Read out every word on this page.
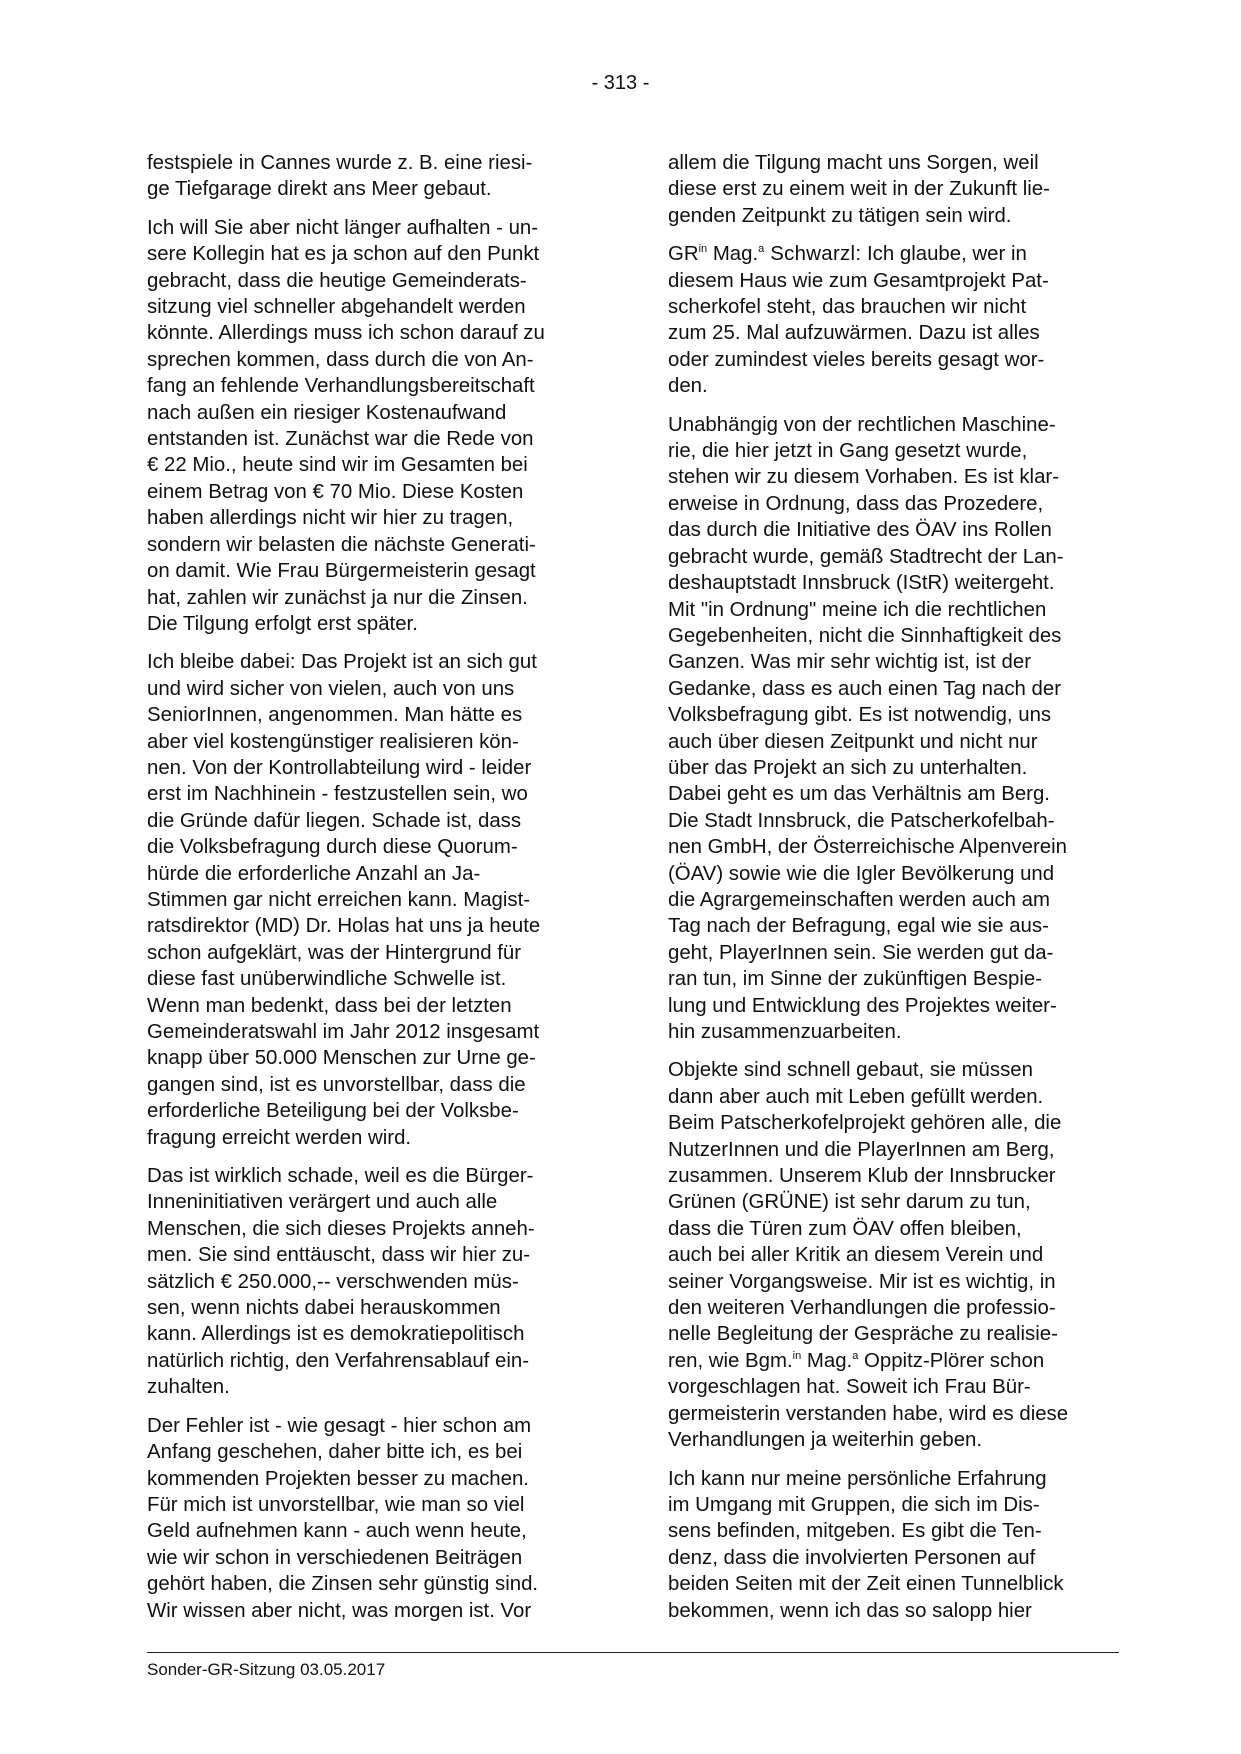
- 313 -

festspiele in Cannes wurde z. B. eine riesi-
ge Tiefgarage direkt ans Meer gebaut.

Ich will Sie aber nicht länger aufhalten - un-
sere Kollegin hat es ja schon auf den Punkt
gebracht, dass die heutige Gemeinderats-
sitzung viel schneller abgehandelt werden
könnte. Allerdings muss ich schon darauf zu
sprechen kommen, dass durch die von An-
fang an fehlende Verhandlungsbereitschaft
nach außen ein riesiger Kostenaufwand
entstanden ist. Zunächst war die Rede von
€ 22 Mio., heute sind wir im Gesamten bei
einem Betrag von € 70 Mio. Diese Kosten
haben allerdings nicht wir hier zu tragen,
sondern wir belasten die nächste Generati-
on damit. Wie Frau Bürgermeisterin gesagt
hat, zahlen wir zunächst ja nur die Zinsen.
Die Tilgung erfolgt erst später.

Ich bleibe dabei: Das Projekt ist an sich gut
und wird sicher von vielen, auch von uns
SeniorInnen, angenommen. Man hätte es
aber viel kostengünstiger realisieren kön-
nen. Von der Kontrollabteilung wird - leider
erst im Nachhinein - festzustellen sein, wo
die Gründe dafür liegen. Schade ist, dass
die Volksbefragung durch diese Quorum-
hürde die erforderliche Anzahl an Ja-
Stimmen gar nicht erreichen kann. Magist-
ratsdirektor (MD) Dr. Holas hat uns ja heute
schon aufgeklärt, was der Hintergrund für
diese fast unüberwindliche Schwelle ist.
Wenn man bedenkt, dass bei der letzten
Gemeinderatswahl im Jahr 2012 insgesamt
knapp über 50.000 Menschen zur Urne ge-
gangen sind, ist es unvorstellbar, dass die
erforderliche Beteiligung bei der Volksbe-
fragung erreicht werden wird.

Das ist wirklich schade, weil es die Bürger-
Inneninitiativen verärgert und auch alle
Menschen, die sich dieses Projekts anneh-
men. Sie sind enttäuscht, dass wir hier zu-
sätzlich € 250.000,-- verschwenden müs-
sen, wenn nichts dabei herauskommen
kann. Allerdings ist es demokratiepolitisch
natürlich richtig, den Verfahrensablauf ein-
zuhalten.

Der Fehler ist - wie gesagt - hier schon am
Anfang geschehen, daher bitte ich, es bei
kommenden Projekten besser zu machen.
Für mich ist unvorstellbar, wie man so viel
Geld aufnehmen kann - auch wenn heute,
wie wir schon in verschiedenen Beiträgen
gehört haben, die Zinsen sehr günstig sind.
Wir wissen aber nicht, was morgen ist. Vor

allem die Tilgung macht uns Sorgen, weil
diese erst zu einem weit in der Zukunft lie-
genden Zeitpunkt zu tätigen sein wird.

$GR^{in}$ Mag.$^a$ Schwarzl: Ich glaube, wer in
diesem Haus wie zum Gesamtprojekt Pat-
scherkofel steht, das brauchen wir nicht
zum 25. Mal aufzuwärmen. Dazu ist alles
oder zumindest vieles bereits gesagt wor-
den.

Unabhängig von der rechtlichen Maschine-
rie, die hier jetzt in Gang gesetzt wurde,
stehen wir zu diesem Vorhaben. Es ist klar-
erweise in Ordnung, dass das Prozedere,
das durch die Initiative des ÖAV ins Rollen
gebracht wurde, gemäß Stadtrecht der Lan-
deshauptstadt Innsbruck (IStR) weitergeht.
Mit "in Ordnung" meine ich die rechtlichen
Gegebenheiten, nicht die Sinnhaftigkeit des
Ganzen. Was mir sehr wichtig ist, ist der
Gedanke, dass es auch einen Tag nach der
Volksbefragung gibt. Es ist notwendig, uns
auch über diesen Zeitpunkt und nicht nur
über das Projekt an sich zu unterhalten.
Dabei geht es um das Verhältnis am Berg.
Die Stadt Innsbruck, die Patscherkofelbah-
nen GmbH, der Österreichische Alpenverein
(ÖAV) sowie wie die Igler Bevölkerung und
die Agrargemeinschaften werden auch am
Tag nach der Befragung, egal wie sie aus-
geht, PlayerInnen sein. Sie werden gut da-
ran tun, im Sinne der zukünftigen Bespie-
lung und Entwicklung des Projektes weiter-
hin zusammenzuarbeiten.

Objekte sind schnell gebaut, sie müssen
dann aber auch mit Leben gefüllt werden.
Beim Patscherkofelprojekt gehören alle, die
NutzerInnen und die PlayerInnen am Berg,
zusammen. Unserem Klub der Innsbrucker
Grünen (GRÜNE) ist sehr darum zu tun,
dass die Türen zum ÖAV offen bleiben,
auch bei aller Kritik an diesem Verein und
seiner Vorgangsweise. Mir ist es wichtig, in
den weiteren Verhandlungen die professio-
nelle Begleitung der Gespräche zu realisie-
ren, wie Bgm.$^{in}$ Mag.$^a$ Oppitz-Plörer schon
vorgeschlagen hat. Soweit ich Frau Bür-
germeisterin verstanden habe, wird es diese
Verhandlungen ja weiterhin geben.

Ich kann nur meine persönliche Erfahrung
im Umgang mit Gruppen, die sich im Dis-
sens befinden, mitgeben. Es gibt die Ten-
denz, dass die involvierten Personen auf
beiden Seiten mit der Zeit einen Tunnelblick
bekommen, wenn ich das so salopp hier

Sonder-GR-Sitzung 03.05.2017
